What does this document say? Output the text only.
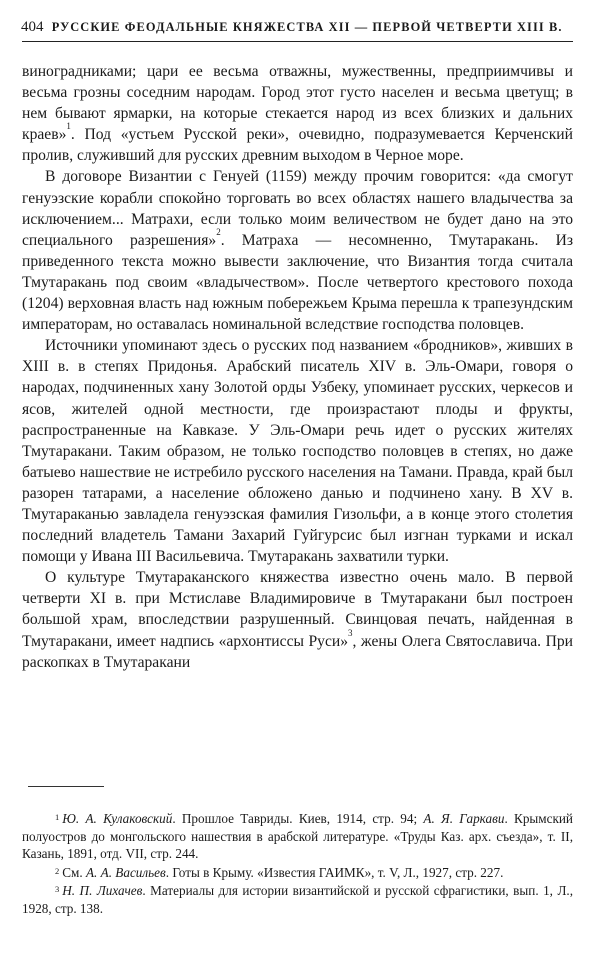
404 РУССКИЕ ФЕОДАЛЬНЫЕ КНЯЖЕСТВА XII — ПЕРВОЙ ЧЕТВЕРТИ XIII В.

виноградниками; цари ее весьма отважны, мужественны, предприимчивы и весьма грозны соседним народам. Город этот густо населен и весьма цветущ; в нем бывают ярмарки, на которые стекается народ из всех близких и дальних краев»$^1$. Под «устьем Русской реки», очевидно, подразумевается Керченский пролив, служивший для русских древним выходом в Черное море.

В договоре Византии с Генуей (1159) между прочим говорится: «да смогут генуэзские корабли спокойно торговать во всех областях нашего владычества за исключением... Матрахи, если только моим величеством не будет дано на это специального разрешения»$^2$. Матраха — несомненно, Тмутаракань. Из приведенного текста можно вывести заключение, что Византия тогда считала Тмутаракань под своим «владычеством». После четвертого крестового похода (1204) верховная власть над южным побережьем Крыма перешла к трапезундским императорам, но оставалась номинальной вследствие господства половцев.

Источники упоминают здесь о русских под названием «бродников», живших в XIII в. в степях Придонья. Арабский писатель XIV в. Эль-Омари, говоря о народах, подчиненных хану Золотой орды Узбеку, упоминает русских, черкесов и ясов, жителей одной местности, где произрастают плоды и фрукты, распространенные на Кавказе. У Эль-Омари речь идет о русских жителях Тмутаракани. Таким образом, не только господство половцев в степях, но даже батыево нашествие не истребило русского населения на Тамани. Правда, край был разорен татарами, а население обложено данью и подчинено хану. В XV в. Тмутараканью завладела генуэзская фамилия Гизольфи, а в конце этого столетия последний владетель Тамани Захарий Гуйгурсис был изгнан турками и искал помощи у Ивана III Васильевича. Тмутаракань захватили турки.

О культуре Тмутараканского княжества известно очень мало. В первой четверти XI в. при Мстиславе Владимировиче в Тмутаракани был построен большой храм, впоследствии разрушенный. Свинцовая печать, найденная в Тмутаракани, имеет надпись «архонтиссы Руси»$^3$, жены Олега Святославича. При раскопках в Тмутаракани

$^1$ Ю. А. Кулаковский. Прошлое Тавриды. Киев, 1914, стр. 94; А. Я. Гаркави. Крымский полуостров до монгольского нашествия в арабской литературе. «Труды Каз. арх. съезда», т. II, Казань, 1891, отд. VII, стр. 244.

$^2$ См. А. А. Васильев. Готы в Крыму. «Известия ГАИМК», т. V, Л., 1927, стр. 227.

$^3$ Н. П. Лихачев. Материалы для истории византийской и русской сфрагистики, вып. 1, Л., 1928, стр. 138.
